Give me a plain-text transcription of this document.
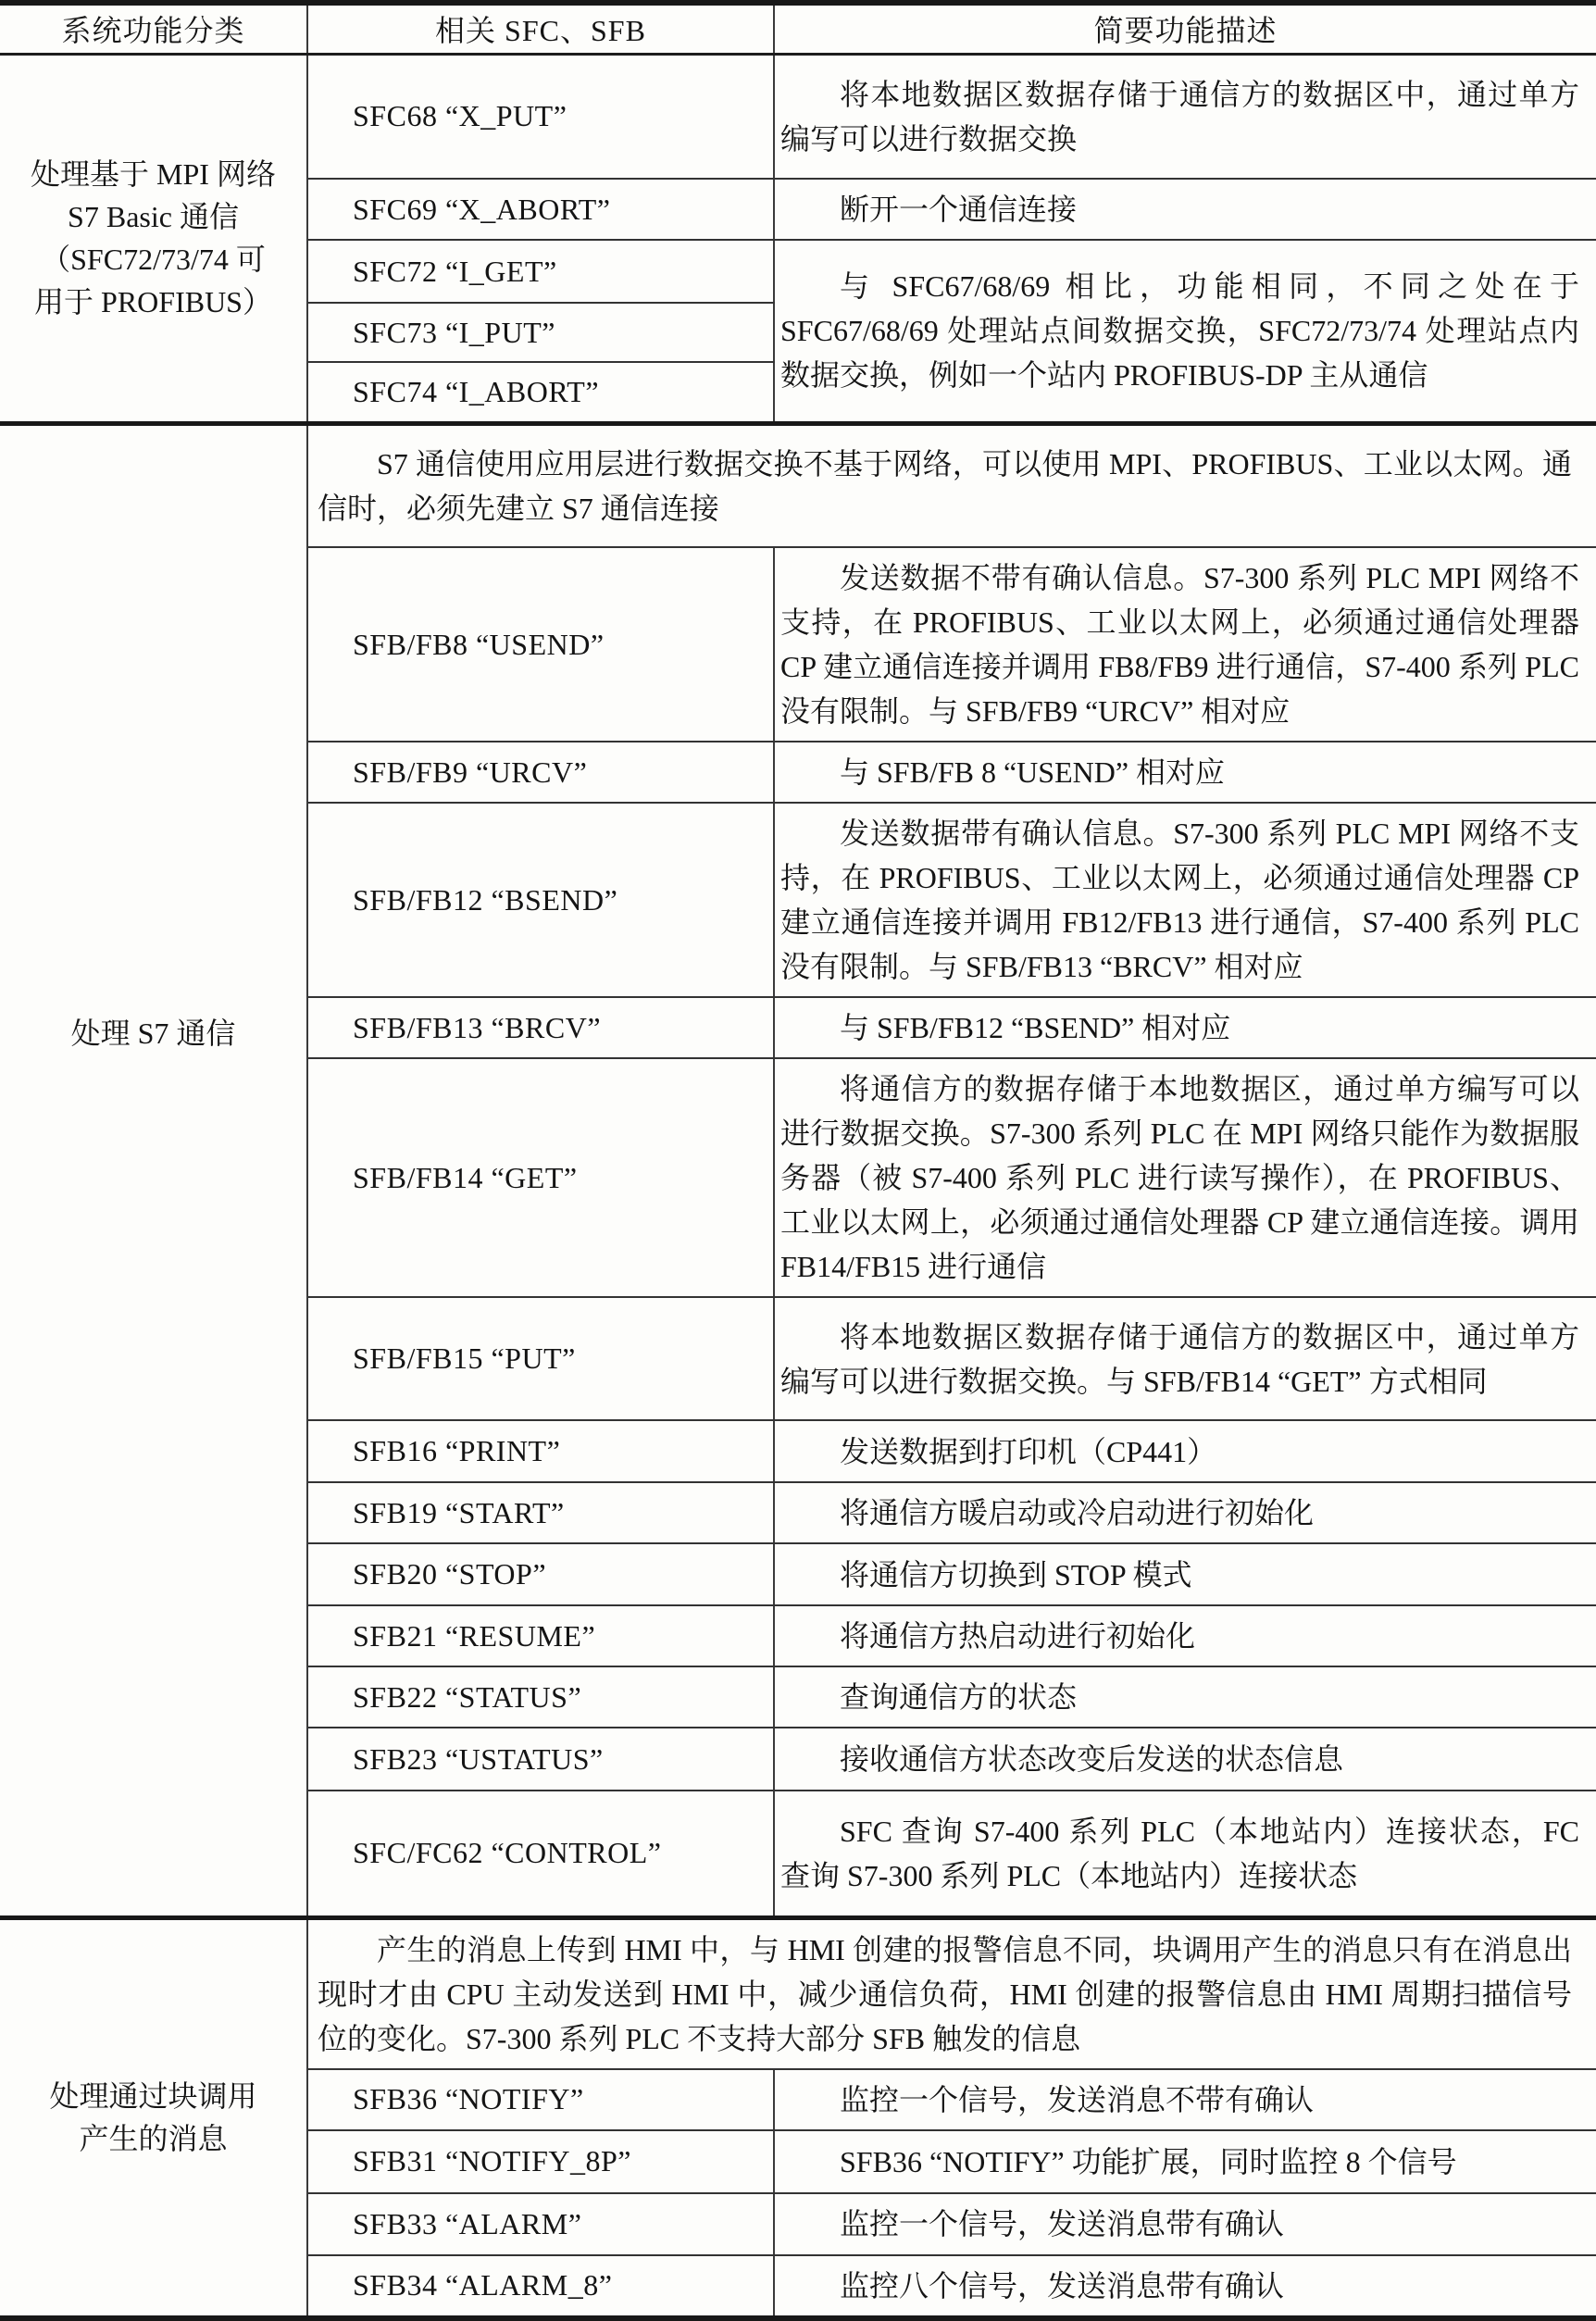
系统功能分类	相关 SFC、SFB	简要功能描述

处理基于 MPI 网络
S7 Basic 通信
（SFC72/73/74 可
用于 PROFIBUS）	SFC68 “X_PUT”	将本地数据区数据存储于通信方的数据区中，通过单方编写可以进行数据交换

	SFC69 “X_ABORT”	断开一个通信连接

	SFC72 “I_GET”	与 SFC67/68/69 相比，功能相同，不同之处在于 SFC67/68/69 处理站点间数据交换，SFC72/73/74 处理站点内数据交换，例如一个站内 PROFIBUS-DP 主从通信

	SFC73 “I_PUT”	
	SFC74 “I_ABORT”	

处理 S7 通信	S7 通信使用应用层进行数据交换不基于网络，可以使用 MPI、PROFIBUS、工业以太网。通信时，必须先建立 S7 通信连接	

	SFB/FB8 “USEND”	发送数据不带有确认信息。S7-300 系列 PLC MPI 网络不支持，在 PROFIBUS、工业以太网上，必须通过通信处理器 CP 建立通信连接并调用 FB8/FB9 进行通信，S7-400 系列 PLC 没有限制。与 SFB/FB9 “URCV” 相对应

	SFB/FB9 “URCV”	与 SFB/FB 8 “USEND” 相对应

	SFB/FB12 “BSEND”	发送数据带有确认信息。S7-300 系列 PLC MPI 网络不支持，在 PROFIBUS、工业以太网上，必须通过通信处理器 CP 建立通信连接并调用 FB12/FB13 进行通信，S7-400 系列 PLC 没有限制。与 SFB/FB13 “BRCV” 相对应

	SFB/FB13 “BRCV”	与 SFB/FB12 “BSEND” 相对应

	SFB/FB14 “GET”	将通信方的数据存储于本地数据区，通过单方编写可以进行数据交换。S7-300 系列 PLC 在 MPI 网络只能作为数据服务器（被 S7-400 系列 PLC 进行读写操作），在 PROFIBUS、工业以太网上，必须通过通信处理器 CP 建立通信连接。调用 FB14/FB15 进行通信

	SFB/FB15 “PUT”	将本地数据区数据存储于通信方的数据区中，通过单方编写可以进行数据交换。与 SFB/FB14 “GET” 方式相同

	SFB16 “PRINT”	发送数据到打印机（CP441）

	SFB19 “START”	将通信方暖启动或冷启动进行初始化

	SFB20 “STOP”	将通信方切换到 STOP 模式

	SFB21 “RESUME”	将通信方热启动进行初始化

	SFB22 “STATUS”	查询通信方的状态

	SFB23 “USTATUS”	接收通信方状态改变后发送的状态信息

	SFC/FC62 “CONTROL”	SFC 查询 S7-400 系列 PLC（本地站内）连接状态，FC 查询 S7-300 系列 PLC（本地站内）连接状态

处理通过块调用
产生的消息	产生的消息上传到 HMI 中，与 HMI 创建的报警信息不同，块调用产生的消息只有在消息出现时才由 CPU 主动发送到 HMI 中，减少通信负荷，HMI 创建的报警信息由 HMI 周期扫描信号位的变化。S7-300 系列 PLC 不支持大部分 SFB 触发的信息	

	SFB36 “NOTIFY”	监控一个信号，发送消息不带有确认

	SFB31 “NOTIFY_8P”	SFB36 “NOTIFY” 功能扩展，同时监控 8 个信号

	SFB33 “ALARM”	监控一个信号，发送消息带有确认

	SFB34 “ALARM_8”	监控八个信号，发送消息带有确认
